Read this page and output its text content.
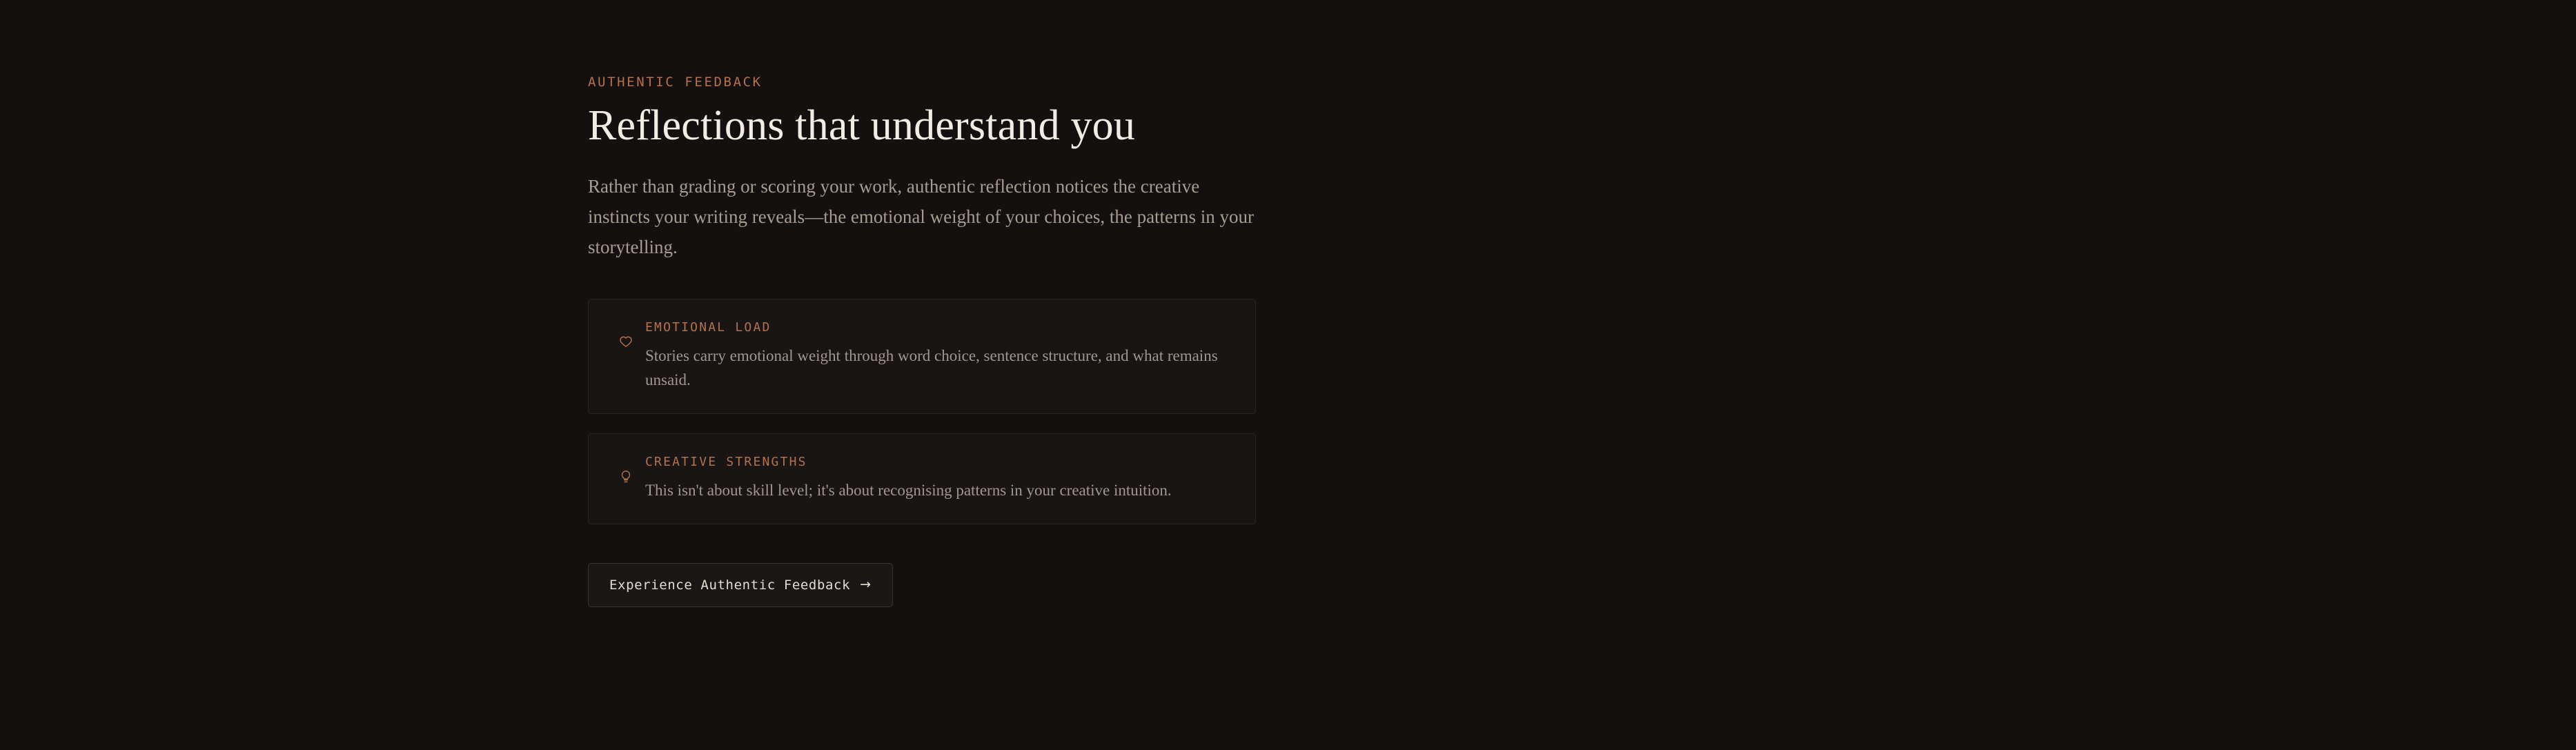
AUTHENTIC FEEDBACK
Reflections that understand you

Rather than grading or scoring your work, authentic reflection notices the creative instincts your writing reveals—the emotional weight of your choices, the patterns in your storytelling.

EMOTIONAL LOAD

Stories carry emotional weight through word choice, sentence structure, and what remains unsaid.

CREATIVE STRENGTHS

This isn't about skill level; it's about recognising patterns in your creative intuition.

Experience Authentic Feedback →
